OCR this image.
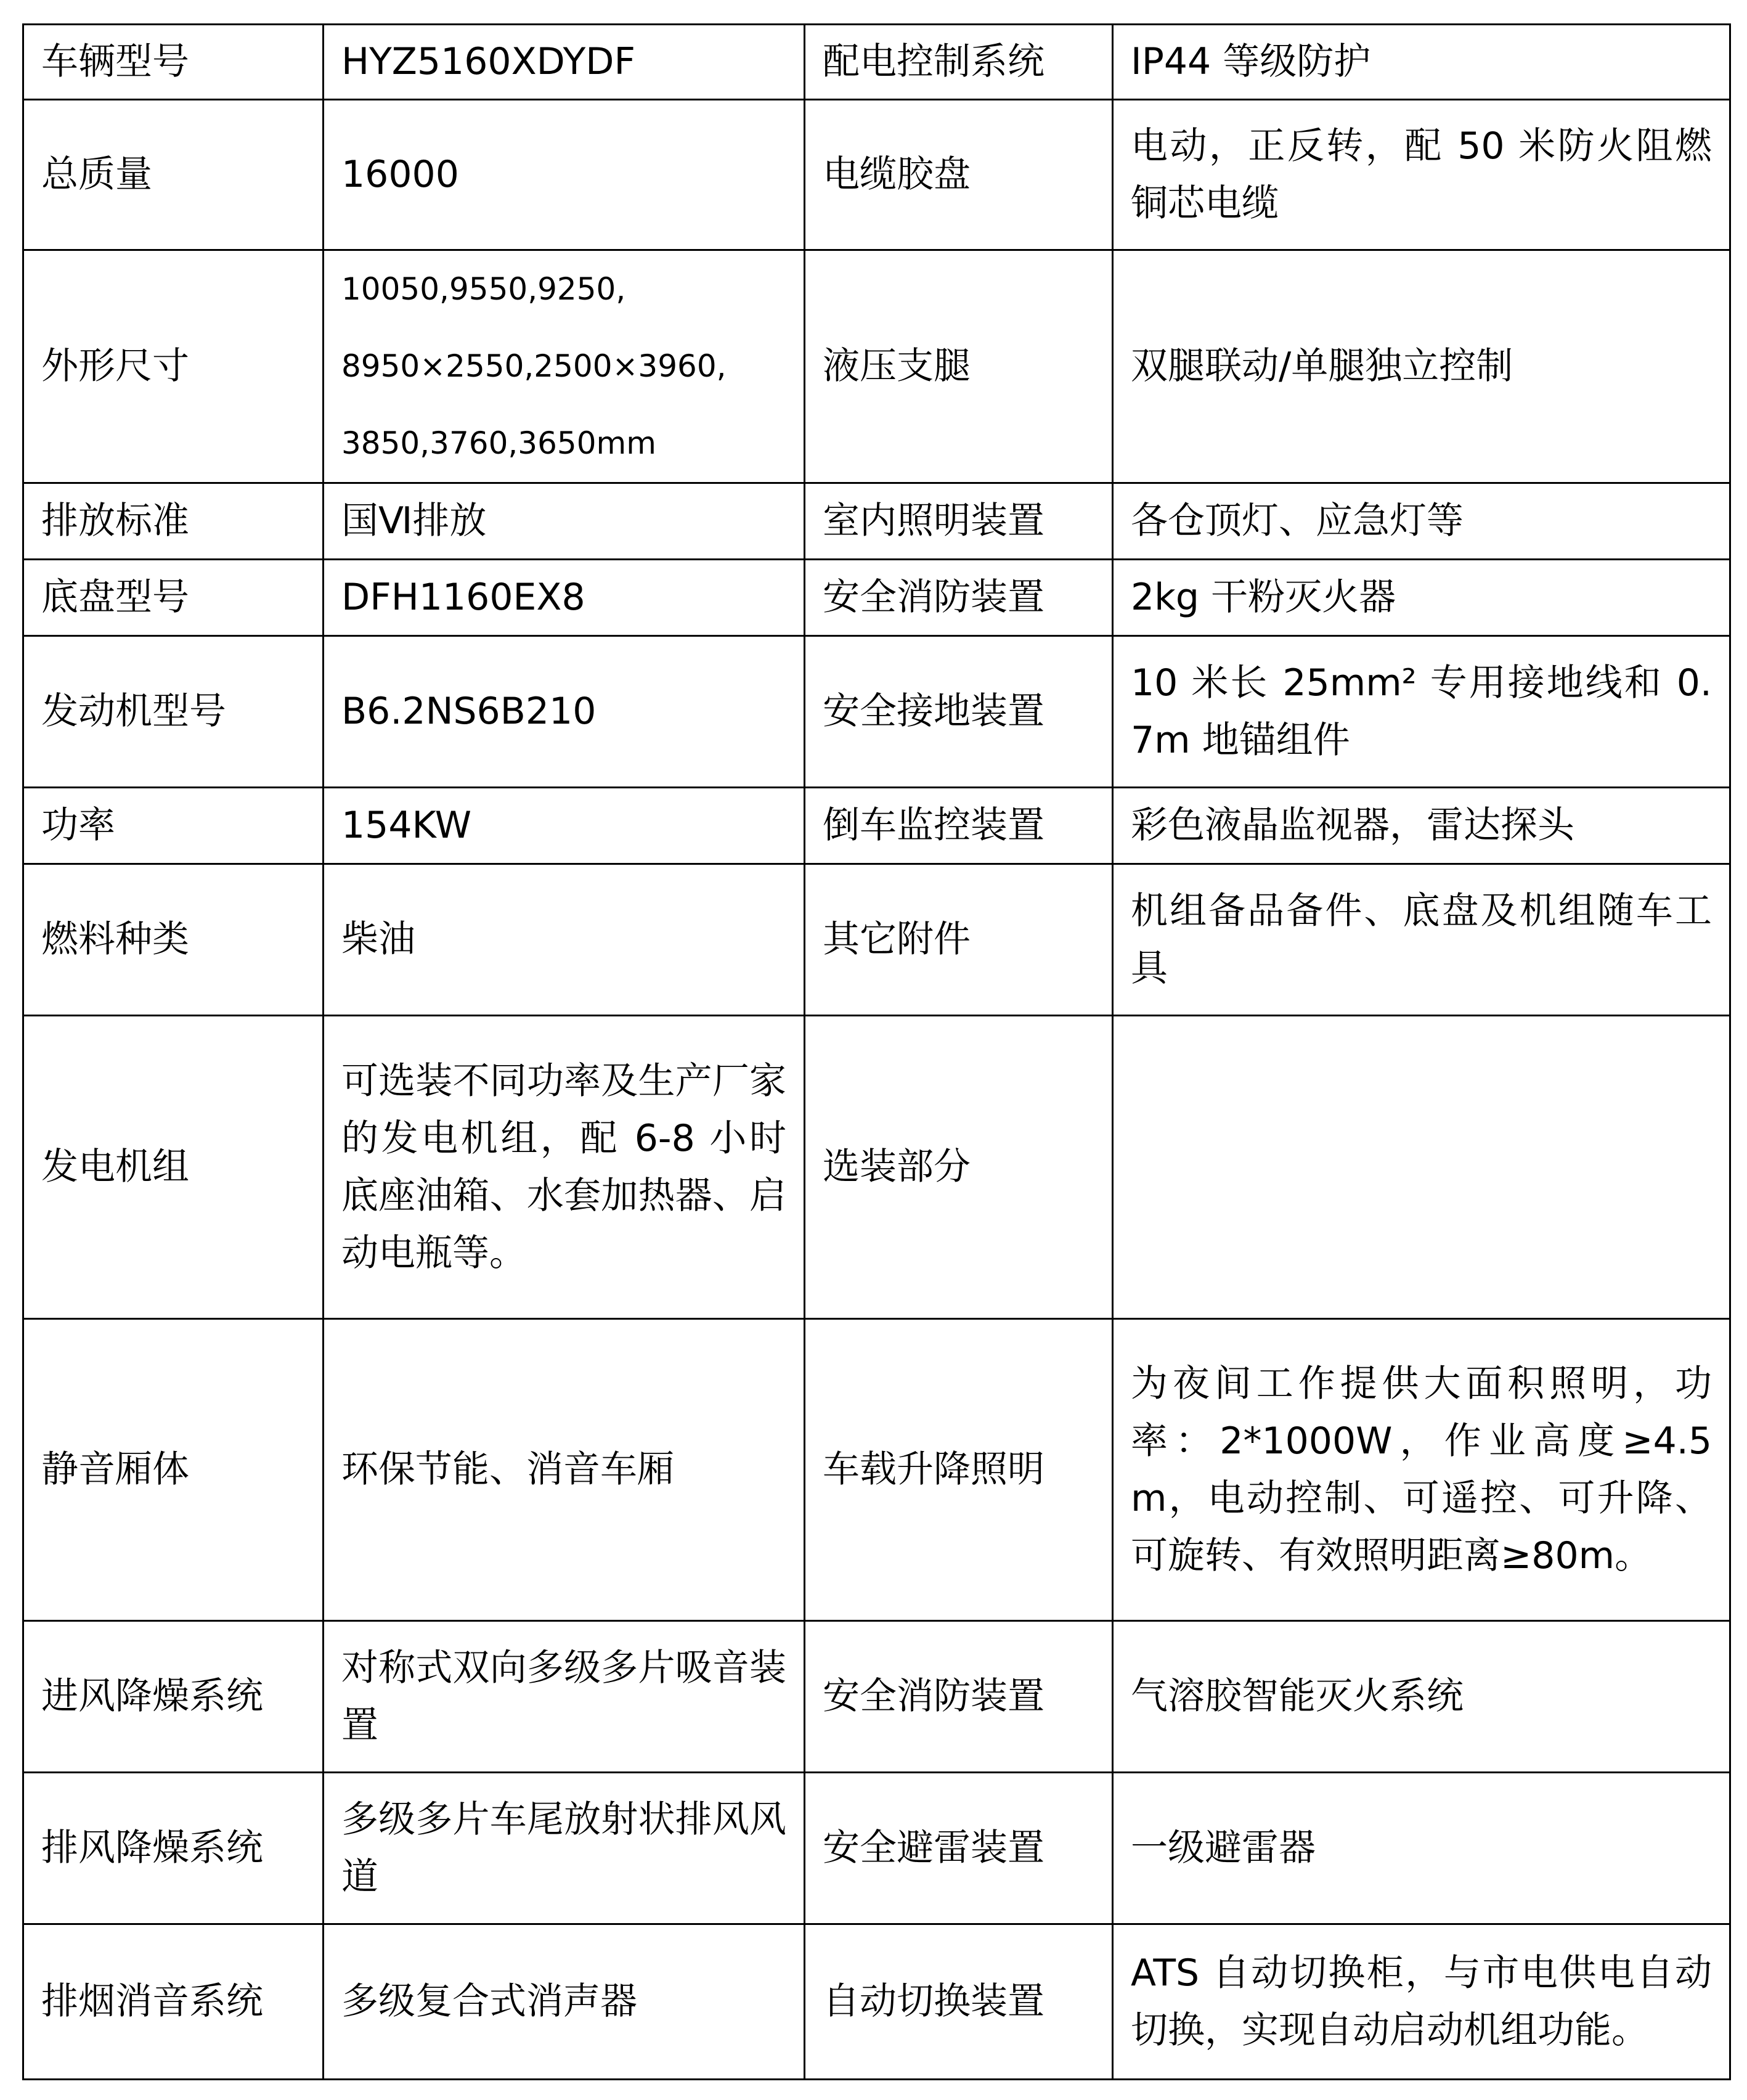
车辆型号	HYZ5160XDYDF	配电控制系统	IP44 等级防护
总质量	16000	电缆胶盘	电动，正反转，配 50 米防火阻燃铜芯电缆
外形尺寸	10050,9550,9250,
8950×2550,2500×3960,
3850,3760,3650mm	液压支腿	双腿联动/单腿独立控制
排放标准	国Ⅵ排放	室内照明装置	各仓顶灯、应急灯等
底盘型号	DFH1160EX8	安全消防装置	2kg 干粉灭火器
发动机型号	B6.2NS6B210	安全接地装置	10 米长 25mm² 专用接地线和 0.7m 地锚组件
功率	154KW	倒车监控装置	彩色液晶监视器，雷达探头
燃料种类	柴油	其它附件	机组备品备件、底盘及机组随车工具
发电机组	可选装不同功率及生产厂家的发电机组，配 6-8 小时底座油箱、水套加热器、启动电瓶等。	选装部分	
静音厢体	环保节能、消音车厢	车载升降照明	为夜间工作提供大面积照明，功率：2*1000W，作业高度≥4.5m，电动控制、可遥控、可升降、可旋转、有效照明距离≥80m。
进风降燥系统	对称式双向多级多片吸音装置	安全消防装置	气溶胶智能灭火系统
排风降燥系统	多级多片车尾放射状排风风道	安全避雷装置	一级避雷器
排烟消音系统	多级复合式消声器	自动切换装置	ATS 自动切换柜，与市电供电自动切换，实现自动启动机组功能。
